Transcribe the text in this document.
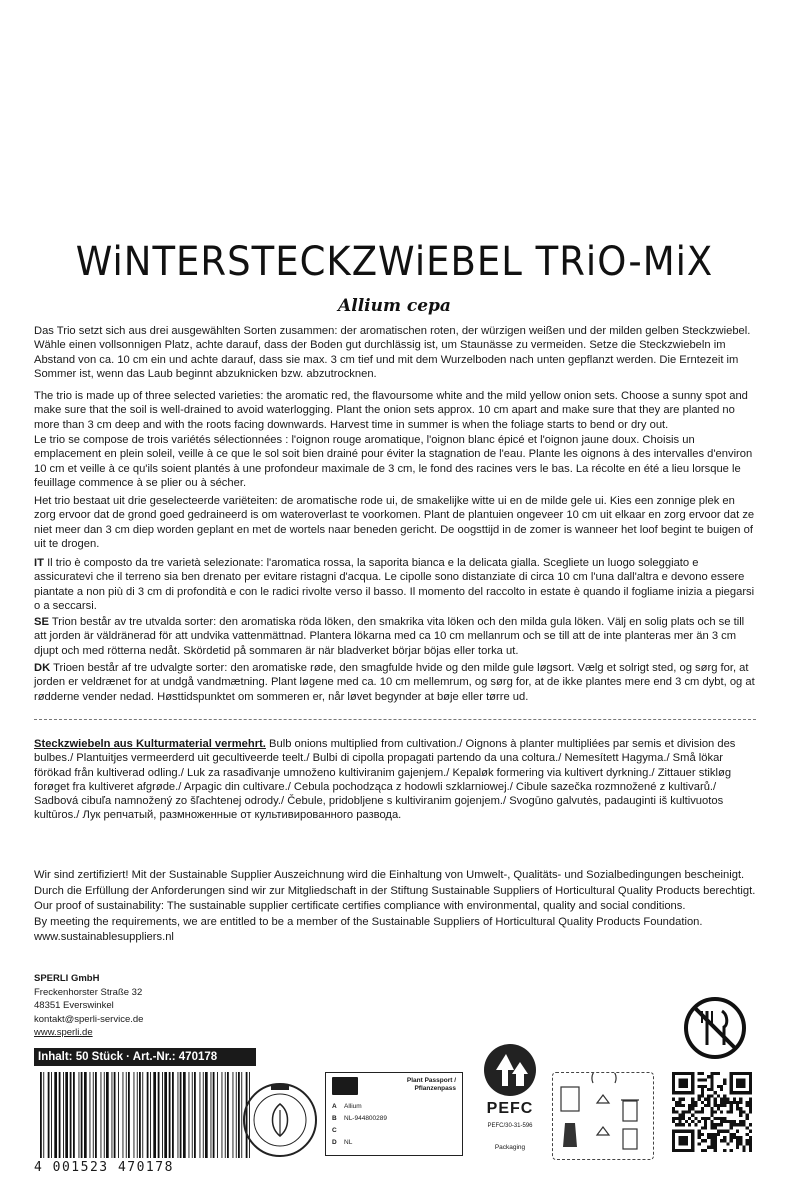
WiNTERSTECKZWiEBEL TRiO-MiX
Allium cepa
Das Trio setzt sich aus drei ausgewählten Sorten zusammen: der aromatischen roten, der würzigen weißen und der milden gelben Steckzwiebel. Wähle einen vollsonnigen Platz, achte darauf, dass der Boden gut durchlässig ist, um Staunässe zu vermeiden. Setze die Steckzwiebeln im Abstand von ca. 10 cm ein und achte darauf, dass sie max. 3 cm tief und mit dem Wurzelboden nach unten gepflanzt werden. Die Erntezeit im Sommer ist, wenn das Laub beginnt abzuknicken bzw. abzutrocknen.
The trio is made up of three selected varieties: the aromatic red, the flavoursome white and the mild yellow onion sets. Choose a sunny spot and make sure that the soil is well-drained to avoid waterlogging. Plant the onion sets approx. 10 cm apart and make sure that they are planted no more than 3 cm deep and with the roots facing downwards. Harvest time in summer is when the foliage starts to bend or dry out.
Le trio se compose de trois variétés sélectionnées : l'oignon rouge aromatique, l'oignon blanc épicé et l'oignon jaune doux. Choisis un emplacement en plein soleil, veille à ce que le sol soit bien drainé pour éviter la stagnation de l'eau. Plante les oignons à des intervalles d'environ 10 cm et veille à ce qu'ils soient plantés à une profondeur maximale de 3 cm, le fond des racines vers le bas. La récolte en été a lieu lorsque le feuillage commence à se plier ou à sécher.
Het trio bestaat uit drie geselecteerde variëteiten: de aromatische rode ui, de smakelijke witte ui en de milde gele ui. Kies een zonnige plek en zorg ervoor dat de grond goed gedraineerd is om wateroverlast te voorkomen. Plant de plantuien ongeveer 10 cm uit elkaar en zorg ervoor dat ze niet meer dan 3 cm diep worden geplant en met de wortels naar beneden gericht. De oogsttijd in de zomer is wanneer het loof begint te buigen of uit te drogen.
IT Il trio è composto da tre varietà selezionate: l'aromatica rossa, la saporita bianca e la delicata gialla. Scegliete un luogo soleggiato e assicuratevi che il terreno sia ben drenato per evitare ristagni d'acqua. Le cipolle sono distanziate di circa 10 cm l'una dall'altra e devono essere piantate a non più di 3 cm di profondità e con le radici rivolte verso il basso. Il momento del raccolto in estate è quando il fogliame inizia a piegarsi o a seccarsi.
SE Trion består av tre utvalda sorter: den aromatiska röda löken, den smakrika vita löken och den milda gula löken. Välj en solig plats och se till att jorden är väldränerad för att undvika vattenmättnad. Plantera lökarna med ca 10 cm mellanrum och se till att de inte planteras mer än 3 cm djupt och med rötterna nedåt. Skördetid på sommaren är när bladverket börjar böjas eller torka ut.
DK Trioen består af tre udvalgte sorter: den aromatiske røde, den smagfulde hvide og den milde gule løgsort. Vælg et solrigt sted, og sørg for, at jorden er veldrænet for at undgå vandmætning. Plant løgene med ca. 10 cm mellemrum, og sørg for, at de ikke plantes mere end 3 cm dybt, og at rødderne vender nedad. Høsttidspunktet om sommeren er, når løvet begynder at bøje eller tørre ud.
Steckzwiebeln aus Kulturmaterial vermehrt. Bulb onions multiplied from cultivation./ Oignons à planter multipliées par semis et division des bulbes./ Plantuitjes vermeerderd uit gecultiveerde teelt./ Bulbi di cipolla propagati partendo da una coltura./ Nemesített Hagyma./ Små lökar förökad från kultiverad odling./ Luk za rasađivanje umnoženo kultiviranim gajenjem./ Kepaløk formering via kultivert dyrkning./ Zittauer stikløg forøget fra kultiveret afgrøde./ Arpagic din cultivare./ Cebula pochodząca z hodowli szklarniowej./ Cibule sazečka rozmnožené z kultivarů./ Sadbová cibuľa namnožený zo šľachtenej odrody./ Čebule, pridobljene s kultiviranim gojenjem./ Svogūno galvutės, padauginti iš kultivuotos kultūros./ Лук репчатый, размноженные от культивированного развода.
Wir sind zertifiziert! Mit der Sustainable Supplier Auszeichnung wird die Einhaltung von Umwelt-, Qualitäts- und Sozialbedingungen bescheinigt.
Durch die Erfüllung der Anforderungen sind wir zur Mitgliedschaft in der Stiftung Sustainable Suppliers of Horticultural Quality Products berechtigt.
Our proof of sustainability: The sustainable supplier certificate certifies compliance with environmental, quality and social conditions.
By meeting the requirements, we are entitled to be a member of the Sustainable Suppliers of Horticultural Quality Products Foundation.
www.sustainablesuppliers.nl
SPERLI GmbH
Freckenhorster Straße 32
48351 Everswinkel
kontakt@sperli-service.de
www.sperli.de
Inhalt: 50 Stück · Art.-Nr.: 470178
4 001523 470178
Plant Passport /
Pflanzenpass
A Allium
B NL-944800289
C
D NL
PEFC
PEFC/30-31-596
Packaging
